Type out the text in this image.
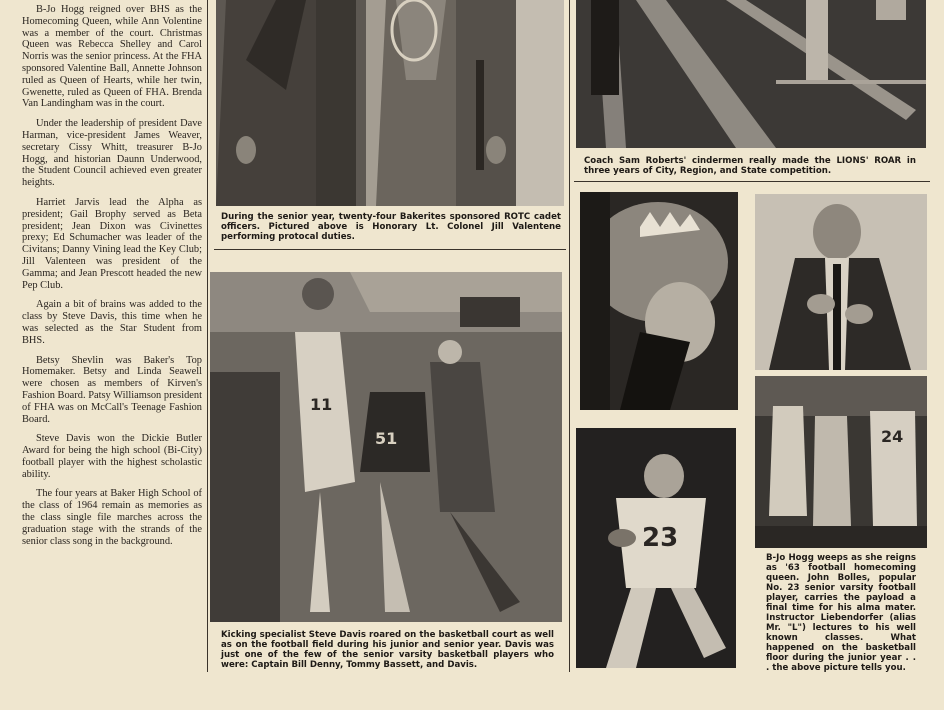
B-Jo Hogg reigned over BHS as the Homecoming Queen, while Ann Volentine was a member of the court. Christmas Queen was Rebecca Shelley and Carol Norris was the senior princess. At the FHA sponsored Valentine Ball, Annette Johnson ruled as Queen of Hearts, while her twin, Gwenette, ruled as Queen of FHA. Brenda Van Landingham was in the court.

Under the leadership of president Dave Harman, vice-president James Weaver, secretary Cissy Whitt, treasurer B-Jo Hogg, and historian Daunn Underwood, the Student Council achieved even greater heights.

Harriet Jarvis lead the Alpha as president; Gail Brophy served as Beta president; Jean Dixon was Civinettes prexy; Ed Schumacher was leader of the Civitans; Danny Vining lead the Key Club; Jill Valenteen was president of the Gamma; and Jean Prescott headed the new Pep Club.

Again a bit of brains was added to the class by Steve Davis, this time when he was selected as the Star Student from BHS.

Betsy Shevlin was Baker's Top Homemaker. Betsy and Linda Seawell were chosen as members of Kirven's Fashion Board. Patsy Williamson president of FHA was on McCall's Teenage Fashion Board.

Steve Davis won the Dickie Butler Award for being the high school (Bi-City) football player with the highest scholastic ability.

The four years at Baker High School of the class of 1964 remain as memories as the class single file marches across the graduation stage with the strands of the senior class song in the background.

During the senior year, twenty-four Bakerites sponsored ROTC cadet officers. Pictured above is Honorary Lt. Colonel Jill Valentene performing protocal duties.
Coach Sam Roberts' cindermen really made the LIONS' ROAR in three years of City, Region, and State competition.
11
51
Kicking specialist Steve Davis roared on the basketball court as well as on the football field during his junior and senior year. Davis was just one of the few of the senior varsity basketball players who were: Captain Bill Denny, Tommy Bassett, and Davis.
23
24
B-Jo Hogg weeps as she reigns as '63 football homecoming queen. John Bolles, popular No. 23 senior varsity football player, carries the payload a final time for his alma mater. Instructor Liebendorfer (alias Mr. "L") lectures to his well known classes. What happened on the basketball floor during the junior year . . . the above picture tells you.
